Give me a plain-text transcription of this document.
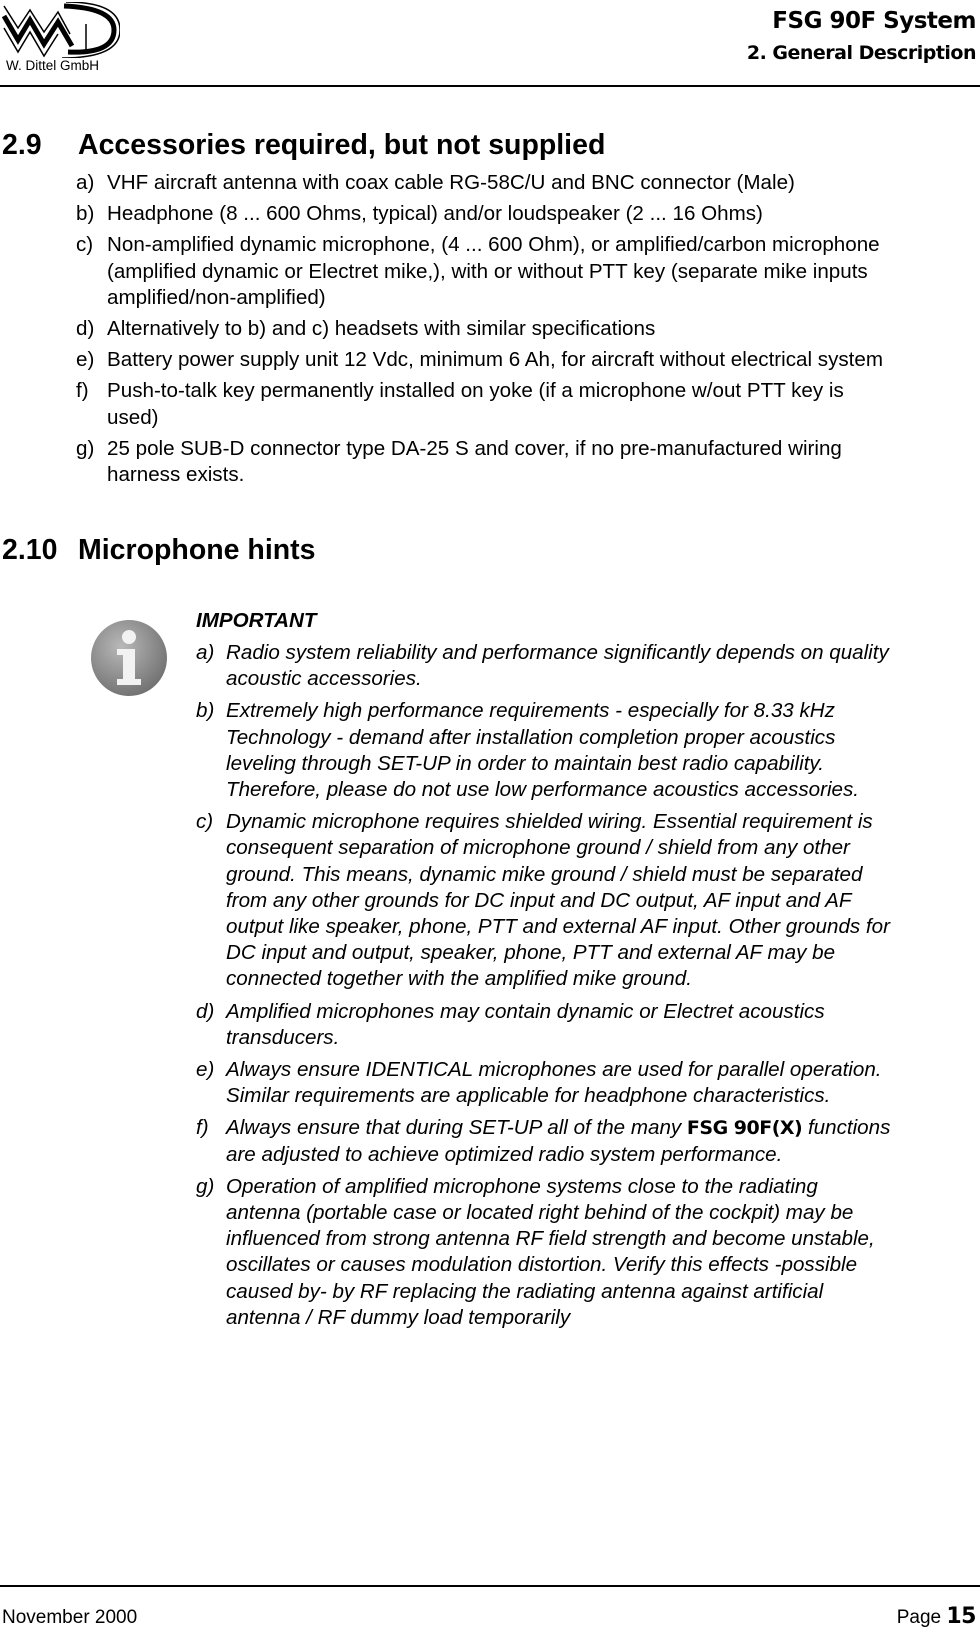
W. Dittel GmbH
FSG 90F System
2. General Description
2.9 Accessories required, but not supplied
a) VHF aircraft antenna with coax cable RG-58C/U and BNC connector (Male)
b) Headphone (8 ... 600 Ohms, typical) and/or loudspeaker (2 ... 16 Ohms)
c) Non-amplified dynamic microphone, (4 ... 600 Ohm), or amplified/carbon microphone
(amplified dynamic or Electret mike,), with or without PTT key (separate mike inputs
amplified/non-amplified)
d) Alternatively to b) and c) headsets with similar specifications
e) Battery power supply unit 12 Vdc, minimum 6 Ah, for aircraft without electrical system
f) Push-to-talk key permanently installed on yoke (if a microphone w/out PTT key is
used)
g) 25 pole SUB-D connector type DA-25 S and cover, if no pre-manufactured wiring
harness exists.
2.10 Microphone hints
IMPORTANT
a) Radio system reliability and performance significantly depends on quality
acoustic accessories.
b) Extremely high performance requirements - especially for 8.33 kHz
Technology - demand after installation completion proper acoustics
leveling through SET-UP in order to maintain best radio capability.
Therefore, please do not use low performance acoustics accessories.
c) Dynamic microphone requires shielded wiring. Essential requirement is
consequent separation of microphone ground / shield from any other
ground. This means, dynamic mike ground / shield must be separated
from any other grounds for DC input and DC output, AF input and AF
output like speaker, phone, PTT and external AF input. Other grounds for
DC input and output, speaker, phone, PTT and external AF may be
connected together with the amplified mike ground.
d) Amplified microphones may contain dynamic or Electret acoustics
transducers.
e) Always ensure IDENTICAL microphones are used for parallel operation.
Similar requirements are applicable for headphone characteristics.
f) Always ensure that during SET-UP all of the many FSG 90F(X) functions
are adjusted to achieve optimized radio system performance.
g) Operation of amplified microphone systems close to the radiating
antenna (portable case or located right behind of the cockpit) may be
influenced from strong antenna RF field strength and become unstable,
oscillates or causes modulation distortion. Verify this effects -possible
caused by- by RF replacing the radiating antenna against artificial
antenna / RF dummy load temporarily
November 2000	Page 15
